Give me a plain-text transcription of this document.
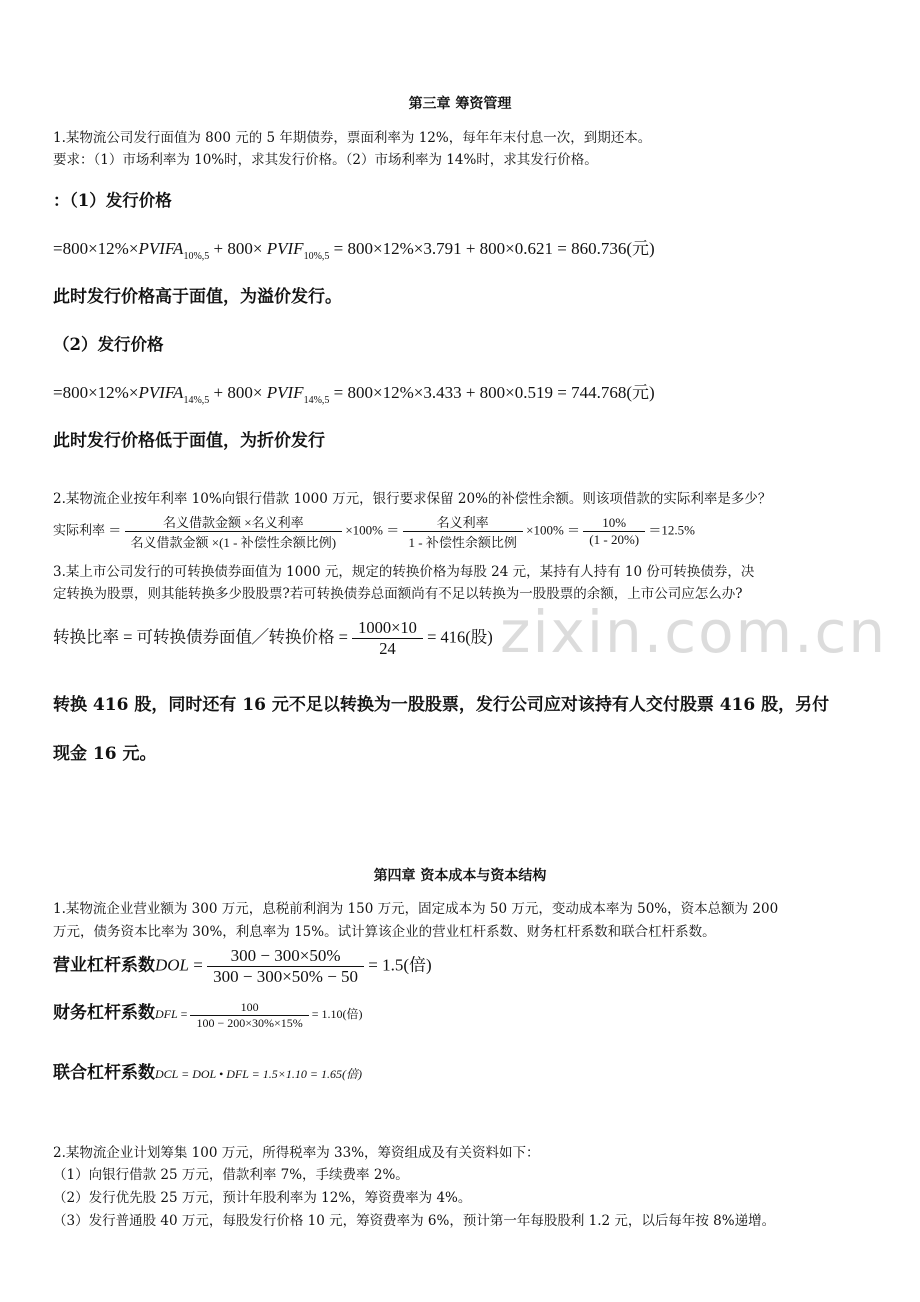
zixin.com.cn
第三章 筹资管理
1.某物流公司发行面值为 800 元的 5 年期债券，票面利率为 12%，每年年末付息一次，到期还本。
要求：（1）市场利率为 10%时，求其发行价格。（2）市场利率为 14%时，求其发行价格。
：（1）发行价格
$=800\times 12\%\times PVIFA_{10\%,5} + 800\times$ $PVIF_{10\%,5} = 800\times 12\%\times 3.791 + 800\times 0.621 = 860.736$(元)
此时发行价格高于面值，为溢价发行。
（2）发行价格
$=800\times 12\%\times PVIFA_{14\%,5} + 800\times$ $PVIF_{14\%,5} = 800\times 12\%\times 3.433 + 800\times 0.519 = 744.768$(元)
此时发行价格低于面值，为折价发行
2.某物流企业按年利率 10%向银行借款 1000 万元，银行要求保留 20%的补偿性余额。则该项借款的实际利率是多少？
实际利率 ＝ $\frac{\text{名义借款金额 ×名义利率}}{\text{名义借款金额 ×(1 - 补偿性余额比例)}} \times 100\% = \frac{\text{名义利率}}{\text{1 - 补偿性余额比例}} \times 100\% = \frac{10\%}{(1 - 20\%)} =12.5\%$
3.某上市公司发行的可转换债券面值为 1000 元，规定的转换价格为每股 24 元，某持有人持有 10 份可转换债券，决
定转换为股票，则其能转换多少股股票?若可转换债券总面额尚有不足以转换为一股股票的余额，上市公司应怎么办?
转换比率 = 可转换债券面值╱转换价格 = $\frac{1000\times 10}{24} = 416$(股)
转换 416 股，同时还有 16 元不足以转换为一股股票，发行公司应对该持有人交付股票 416 股，另付
现金 16 元。
第四章 资本成本与资本结构
1.某物流企业营业额为 300 万元，息税前利润为 150 万元，固定成本为 50 万元，变动成本率为 50%，资本总额为 200
万元，债务资本比率为 30%，利息率为 15%。试计算该企业的营业杠杆系数、财务杠杆系数和联合杠杆系数。
营业杠杆系数DOL = $\frac{300 - 300\times 50\%}{300 - 300\times 50\% - 50} = 1.5$(倍)
财务杠杆系数DFL = $\frac{100}{100 - 200\times 30\%\times 15\%} = 1.10$(倍)
联合杠杆系数DCL = DOL • DFL = 1.5×1.10 = 1.65(倍)
2.某物流企业计划筹集 100 万元，所得税率为 33%，筹资组成及有关资料如下：
（1）向银行借款 25 万元，借款利率 7%，手续费率 2%。
（2）发行优先股 25 万元，预计年股利率为 12%，筹资费率为 4%。
（3）发行普通股 40 万元，每股发行价格 10 元，筹资费率为 6%，预计第一年每股股利 1.2 元，以后每年按 8%递增。
